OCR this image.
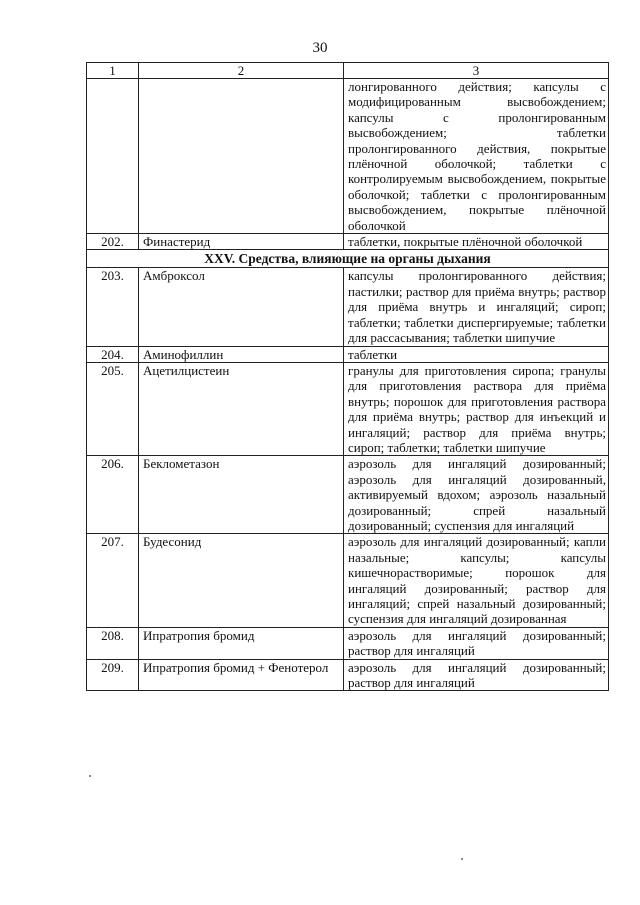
30
1	2	3
		лонгированного действия; капсулы с модифицированным высвобождением; капсулы с пролонгированным высвобождением; таблетки пролонгированного действия, покрытые плёночной оболочкой; таблетки с контролируемым высвобождением, покрытые оболочкой; таблетки с пролонгированным высвобождением, покрытые плёночной оболочкой
202.	Финастерид	таблетки, покрытые плёночной оболочкой
XXV. Средства, влияющие на органы дыхания		
203.	Амброксол	капсулы пролонгированного действия; пастилки; раствор для приёма внутрь; раствор для приёма внутрь и ингаляций; сироп; таблетки; таблетки диспергируемые; таблетки для рассасывания; таблетки шипучие
204.	Аминофиллин	таблетки
205.	Ацетилцистеин	гранулы для приготовления сиропа; гранулы для приготовления раствора для приёма внутрь; порошок для приготовления раствора для приёма внутрь; раствор для инъекций и ингаляций; раствор для приёма внутрь; сироп; таблетки; таблетки шипучие
206.	Беклометазон	аэрозоль для ингаляций дозированный; аэрозоль для ингаляций дозированный, активируемый вдохом; аэрозоль назальный дозированный; спрей назальный дозированный; суспензия для ингаляций
207.	Будесонид	аэрозоль для ингаляций дозированный; капли назальные; капсулы; капсулы кишечнорастворимые; порошок для ингаляций дозированный; раствор для ингаляций; спрей назальный дозированный; суспензия для ингаляций дозированная
208.	Ипратропия бромид	аэрозоль для ингаляций дозированный; раствор для ингаляций
209.	Ипратропия бромид + Фенотерол	аэрозоль для ингаляций дозированный; раствор для ингаляций
